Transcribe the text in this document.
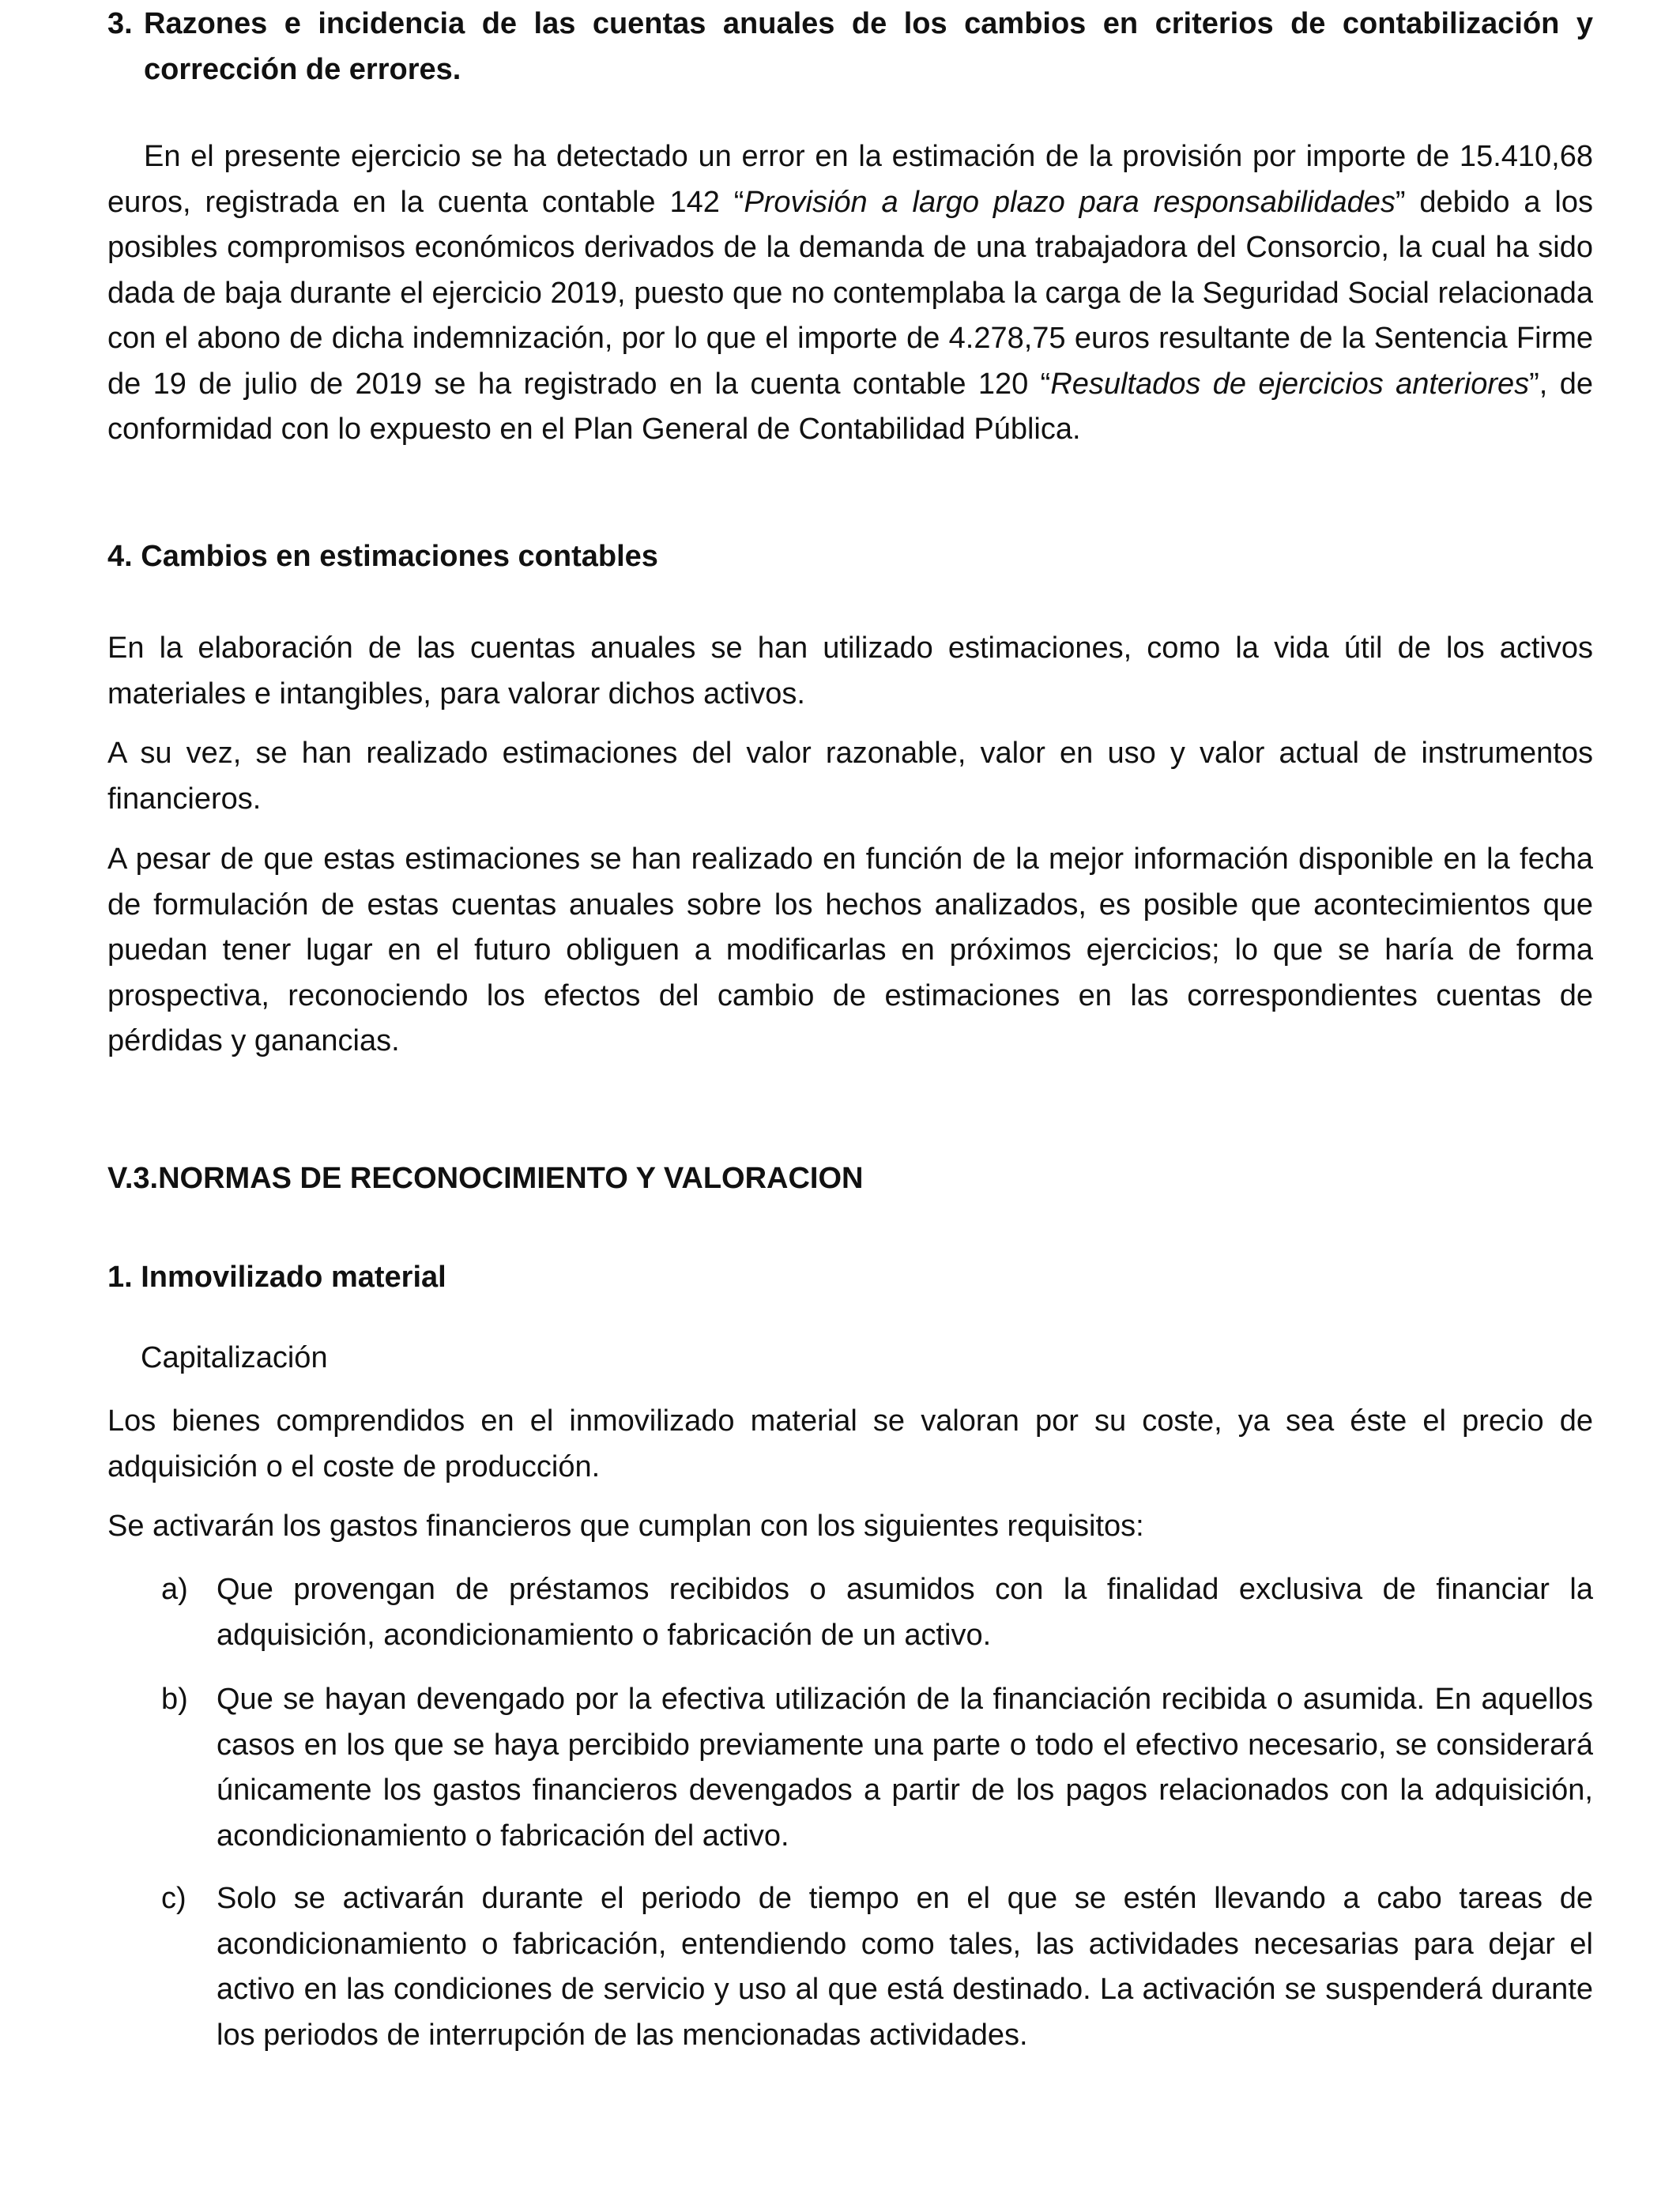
3. Razones e incidencia de las cuentas anuales de los cambios en criterios de contabilización y corrección de errores.
En el presente ejercicio se ha detectado un error en la estimación de la provisión por importe de 15.410,68 euros, registrada en la cuenta contable 142 “Provisión a largo plazo para responsabilidades” debido a los posibles compromisos económicos derivados de la demanda de una trabajadora del Consorcio, la cual ha sido dada de baja durante el ejercicio 2019, puesto que no contemplaba la carga de la Seguridad Social relacionada con el abono de dicha indemnización, por lo que el importe de 4.278,75 euros resultante de la Sentencia Firme de 19 de julio de 2019 se ha registrado en la cuenta contable 120 “Resultados de ejercicios anteriores”, de conformidad con lo expuesto en el Plan General de Contabilidad Pública.
4. Cambios en estimaciones contables
En la elaboración de las cuentas anuales se han utilizado estimaciones, como la vida útil de los activos materiales e intangibles, para valorar dichos activos.
A su vez, se han realizado estimaciones del valor razonable, valor en uso y valor actual de instrumentos financieros.
A pesar de que estas estimaciones se han realizado en función de la mejor información disponible en la fecha de formulación de estas cuentas anuales sobre los hechos analizados, es posible que acontecimientos que puedan tener lugar en el futuro obliguen a modificarlas en próximos ejercicios; lo que se haría de forma prospectiva, reconociendo los efectos del cambio de estimaciones en las correspondientes cuentas de pérdidas y ganancias.
V.3.NORMAS DE RECONOCIMIENTO Y VALORACION
1. Inmovilizado material
Capitalización
Los bienes comprendidos en el inmovilizado material se valoran por su coste, ya sea éste el precio de adquisición o el coste de producción.
Se activarán los gastos financieros que cumplan con los siguientes requisitos:
a) Que provengan de préstamos recibidos o asumidos con la finalidad exclusiva de financiar la adquisición, acondicionamiento o fabricación de un activo.
b) Que se hayan devengado por la efectiva utilización de la financiación recibida o asumida. En aquellos casos en los que se haya percibido previamente una parte o todo el efectivo necesario, se considerará únicamente los gastos financieros devengados a partir de los pagos relacionados con la adquisición, acondicionamiento o fabricación del activo.
c) Solo se activarán durante el periodo de tiempo en el que se estén llevando a cabo tareas de acondicionamiento o fabricación, entendiendo como tales, las actividades necesarias para dejar el activo en las condiciones de servicio y uso al que está destinado. La activación se suspenderá durante los periodos de interrupción de las mencionadas actividades.
